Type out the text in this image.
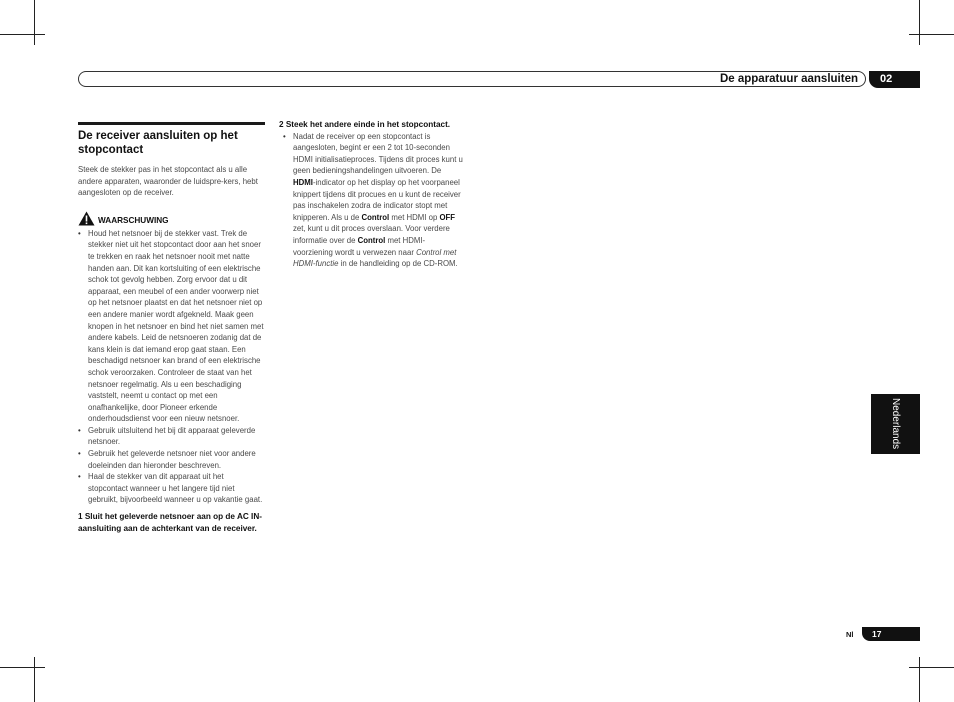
De apparatuur aansluiten	02
De receiver aansluiten op het stopcontact

Steek de stekker pas in het stopcontact als u alle andere apparaten, waaronder de luidspre-kers, hebt aangesloten op de receiver.

WAARSCHUWING
• Houd het netsnoer bij de stekker vast. Trek de stekker niet uit het stopcontact door aan het snoer te trekken en raak het netsnoer nooit met natte handen aan. Dit kan kortsluiting of een elektrische schok tot gevolg hebben. Zorg ervoor dat u dit apparaat, een meubel of een ander voorwerp niet op het netsnoer plaatst en dat het netsnoer niet op een andere manier wordt afgekneld. Maak geen knopen in het netsnoer en bind het niet samen met andere kabels. Leid de netsnoeren zodanig dat de kans klein is dat iemand erop gaat staan. Een beschadigd netsnoer kan brand of een elektrische schok veroorzaken. Controleer de staat van het netsnoer regelmatig. Als u een beschadiging vaststelt, neemt u contact op met een onafhankelijke, door Pioneer erkende onderhoudsdienst voor een nieuw netsnoer.
• Gebruik uitsluitend het bij dit apparaat geleverde netsnoer.
• Gebruik het geleverde netsnoer niet voor andere doeleinden dan hieronder beschreven.
• Haal de stekker van dit apparaat uit het stopcontact wanneer u het langere tijd niet gebruikt, bijvoorbeeld wanneer u op vakantie gaat.
1 Sluit het geleverde netsnoer aan op de AC IN-aansluiting aan de achterkant van de receiver.
2 Steek het andere einde in het stopcontact.
• Nadat de receiver op een stopcontact is aangesloten, begint er een 2 tot 10-seconden HDMI initialisatieproces. Tijdens dit proces kunt u geen bedieningshandelingen uitvoeren. De HDMI-indicator op het display op het voorpaneel knippert tijdens dit procues en u kunt de receiver pas inschakelen zodra de indicator stopt met knipperen. Als u de Control met HDMI op OFF zet, kunt u dit proces overslaan. Voor verdere informatie over de Control met HDMI-voorziening wordt u verwezen naar Control met HDMI-functie in de handleiding op de CD-ROM.
Nederlands
Nl	17
